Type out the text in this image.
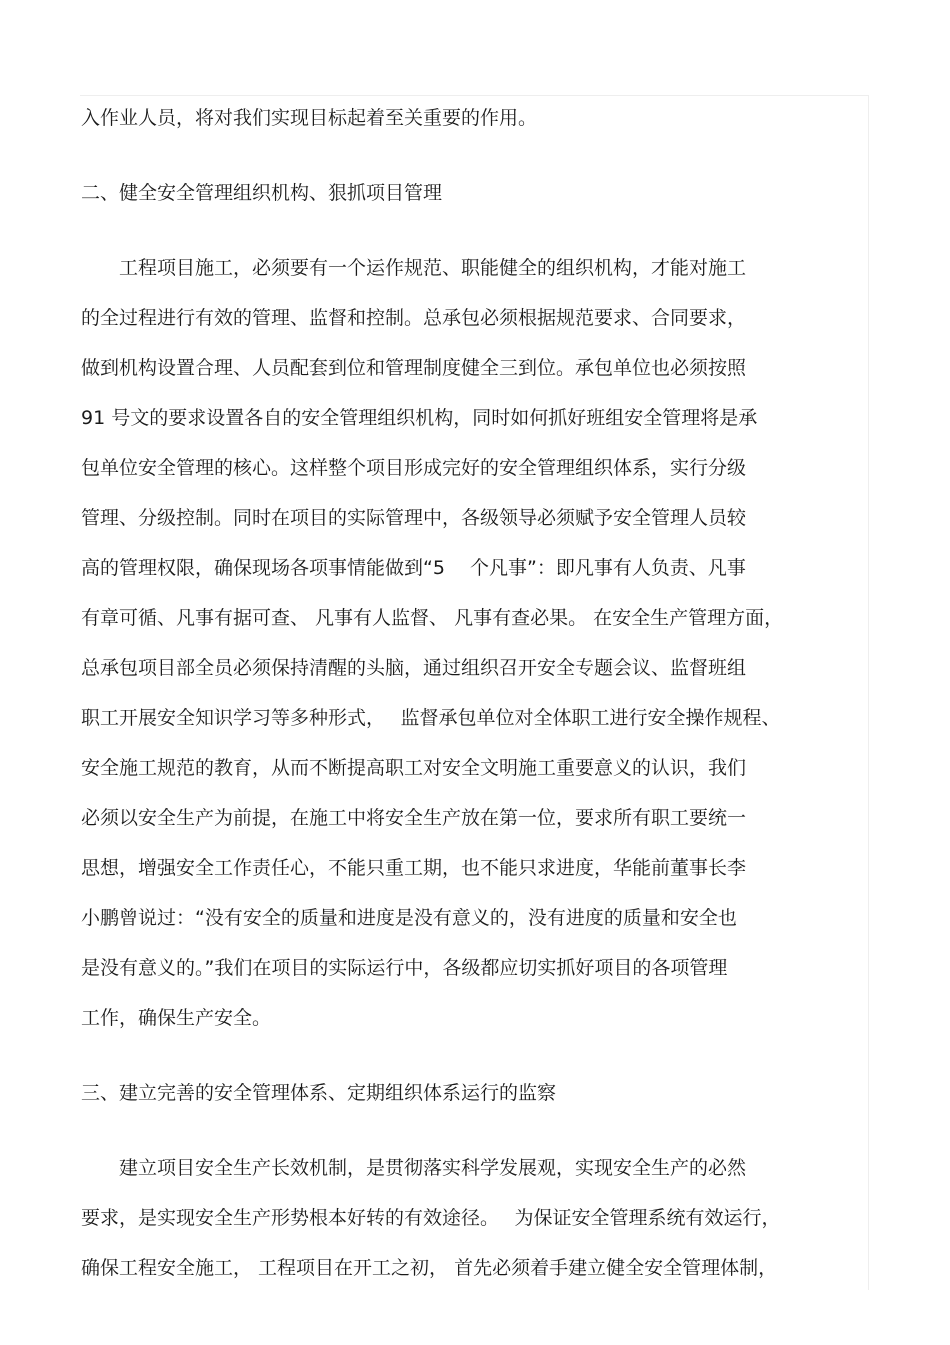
入作业人员，将对我们实现目标起着至关重要的作用。
二、健全安全管理组织机构、狠抓项目管理
　　工程项目施工，必须要有一个运作规范、职能健全的组织机构，才能对施工
的全过程进行有效的管理、监督和控制。总承包必须根据规范要求、合同要求，
做到机构设置合理、人员配套到位和管理制度健全三到位。承包单位也必须按照
91 号文的要求设置各自的安全管理组织机构，同时如何抓好班组安全管理将是承
包单位安全管理的核心。这样整个项目形成完好的安全管理组织体系，实行分级
管理、分级控制。同时在项目的实际管理中，各级领导必须赋予安全管理人员较
高的管理权限，确保现场各项事情能做到“5　 个凡事”：即凡事有人负责、凡事
有章可循、凡事有据可查、 凡事有人监督、 凡事有查必果。 在安全生产管理方面，
总承包项目部全员必须保持清醒的头脑，通过组织召开安全专题会议、监督班组
职工开展安全知识学习等多种形式，　 监督承包单位对全体职工进行安全操作规程、
安全施工规范的教育，从而不断提高职工对安全文明施工重要意义的认识，我们
必须以安全生产为前提，在施工中将安全生产放在第一位，要求所有职工要统一
思想，增强安全工作责任心，不能只重工期，也不能只求进度，华能前董事长李
小鹏曾说过：“没有安全的质量和进度是没有意义的，没有进度的质量和安全也
是没有意义的。”我们在项目的实际运行中，各级都应切实抓好项目的各项管理
工作，确保生产安全。
三、建立完善的安全管理体系、定期组织体系运行的监察
　　建立项目安全生产长效机制，是贯彻落实科学发展观，实现安全生产的必然
要求，是实现安全生产形势根本好转的有效途径。　 为保证安全管理系统有效运行，
确保工程安全施工， 工程项目在开工之初， 首先必须着手建立健全安全管理体制，
